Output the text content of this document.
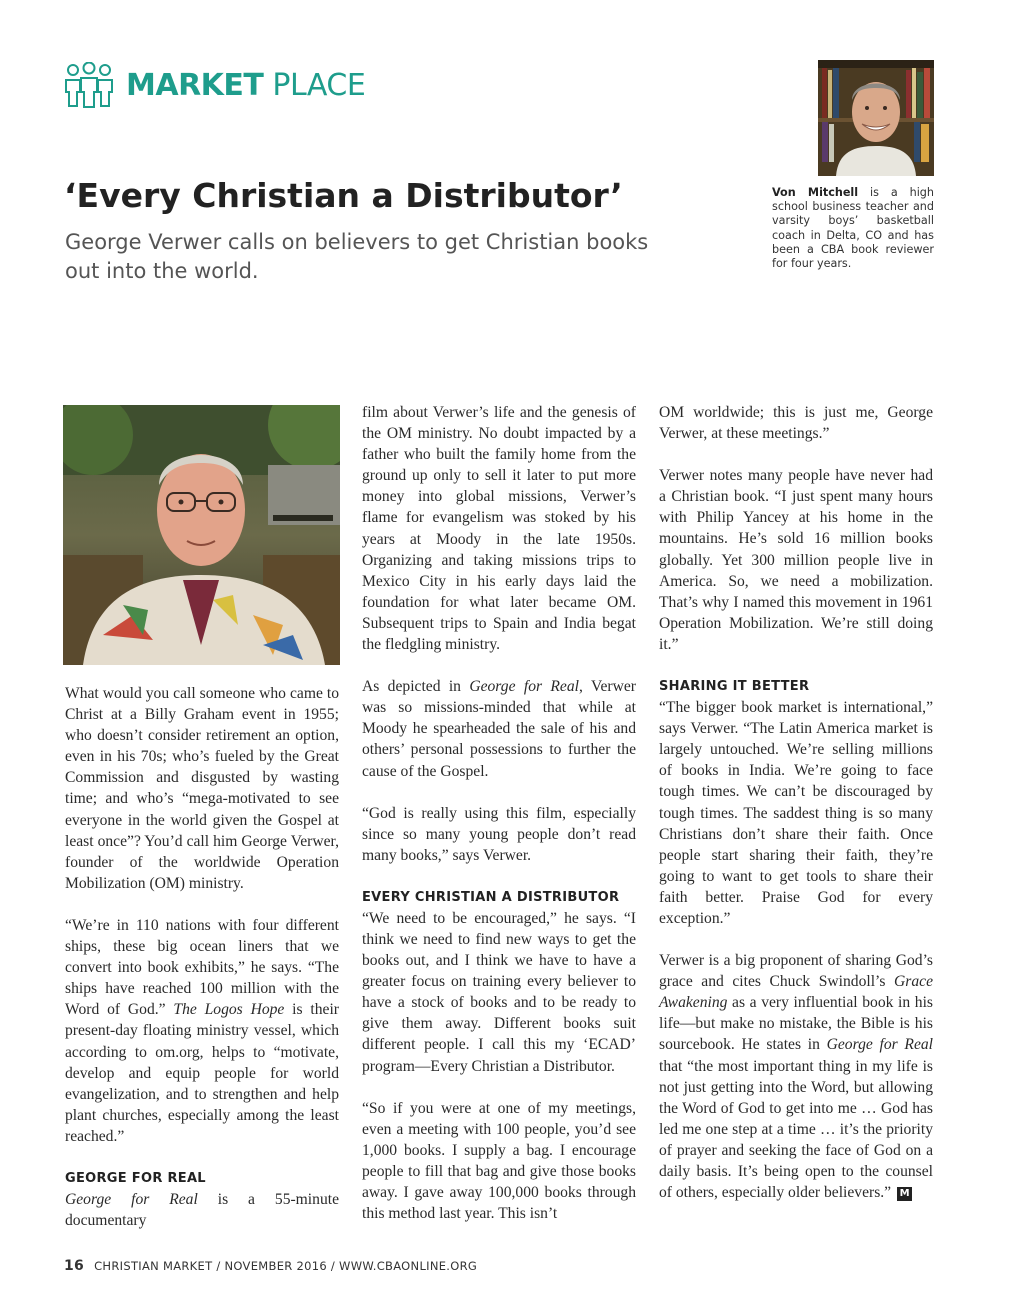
MARKET PLACE
‘Every Christian a Distributor’
George Verwer calls on believers to get Christian books out into the world.
Von Mitchell is a high school business teacher and varsity boys’ basketball coach in Delta, CO and has been a CBA book reviewer for four years.

What would you call someone who came to Christ at a Billy Graham event in 1955; who doesn’t consider retirement an option, even in his 70s; who’s fueled by the Great Commission and disgusted by wasting time; and who’s “mega-motivated to see everyone in the world given the Gospel at least once”? You’d call him George Verwer, founder of the worldwide Operation Mobilization (OM) ministry.

“We’re in 110 nations with four different ships, these big ocean liners that we convert into book exhibits,” he says. “The ships have reached 100 million with the Word of God.” The Logos Hope is their present-day floating ministry vessel, which according to om.org, helps to “motivate, develop and equip people for world evangelization, and to strengthen and help plant churches, especially among the least reached.”

GEORGE FOR REAL

George for Real is a 55-minute documentary

film about Verwer’s life and the genesis of the OM ministry. No doubt impacted by a father who built the family home from the ground up only to sell it later to put more money into global missions, Verwer’s flame for evangelism was stoked by his years at Moody in the late 1950s. Organizing and taking missions trips to Mexico City in his early days laid the foundation for what later became OM. Subsequent trips to Spain and India begat the fledgling ministry.

As depicted in George for Real, Verwer was so missions-minded that while at Moody he spearheaded the sale of his and others’ personal possessions to further the cause of the Gospel.

“God is really using this film, especially since so many young people don’t read many books,” says Verwer.

EVERY CHRISTIAN A DISTRIBUTOR

“We need to be encouraged,” he says. “I think we need to find new ways to get the books out, and I think we have to have a greater focus on training every believer to have a stock of books and to be ready to give them away. Different books suit different people. I call this my ‘ECAD’ program—Every Christian a Distributor.

“So if you were at one of my meetings, even a meeting with 100 people, you’d see 1,000 books. I supply a bag. I encourage people to fill that bag and give those books away. I gave away 100,000 books through this method last year. This isn’t

OM worldwide; this is just me, George Verwer, at these meetings.”

Verwer notes many people have never had a Christian book. “I just spent many hours with Philip Yancey at his home in the mountains. He’s sold 16 million books globally. Yet 300 million people live in America. So, we need a mobilization. That’s why I named this movement in 1961 Operation Mobilization. We’re still doing it.”

SHARING IT BETTER

“The bigger book market is international,” says Verwer. “The Latin America market is largely untouched. We’re selling millions of books in India. We’re going to face tough times. We can’t be discouraged by tough times. The saddest thing is so many Christians don’t share their faith. Once people start sharing their faith, they’re going to want to get tools to share their faith better. Praise God for every exception.”

Verwer is a big proponent of sharing God’s grace and cites Chuck Swindoll’s Grace Awakening as a very influential book in his life—but make no mistake, the Bible is his sourcebook. He states in George for Real that “the most important thing in my life is not just getting into the Word, but allowing the Word of God to get into me … God has led me one step at a time … it’s the priority of prayer and seeking the face of God on a daily basis. It’s being open to the counsel of others, especially older believers.” M

16 CHRISTIAN MARKET / NOVEMBER 2016 / WWW.CBAONLINE.ORG
